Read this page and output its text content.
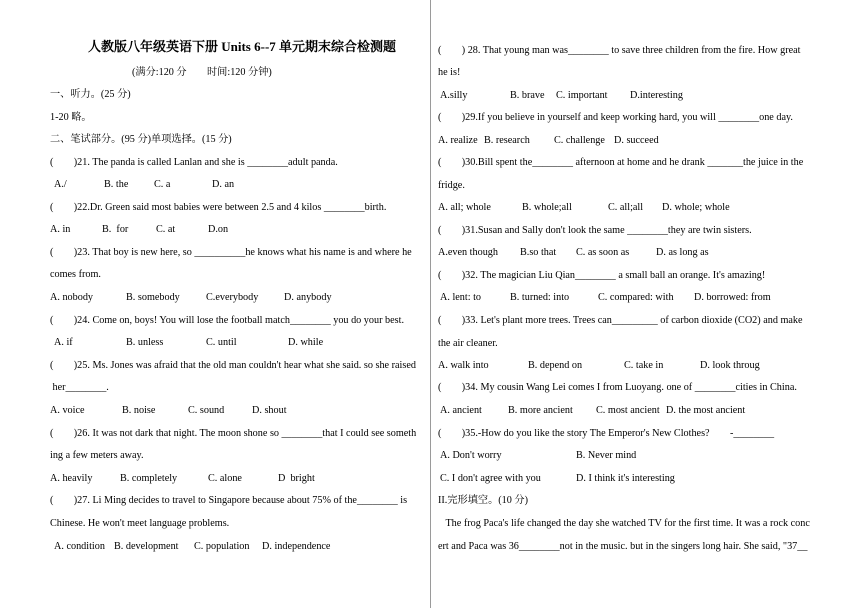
人教版八年级英语下册 Units 6--7 单元期末综合检测题
(满分:120 分        时间:120 分钟)
一、听力。(25 分)
1-20 略。
二、笔试部分。(95 分)单项选择。(15 分)
(        )21. The panda is called Lanlan and she is ________adult panda.
A./	B. the	C. a	D. an
(        )22.Dr. Green said most babies were between 2.5 and 4 kilos ________birth.
A. in	B.  for	C. at	D.on
(        )23. That boy is new here, so __________he knows what his name is and where he
comes from.
A. nobody	B. somebody	C.everybody	D. anybody
(        )24. Come on, boys! You will lose the football match________ you do your best.
A. if	B. unless	C. until	D. while
(        )25. Ms. Jones was afraid that the old man couldn't hear what she said. so she raised
her________.
A. voice	B. noise	C. sound	D. shout
(        )26. It was not dark that night. The moon shone so ________that I could see someth
ing a few meters away.
A. heavily	B. completely	C. alone	D  bright
(        )27. Li Ming decides to travel to Singapore because about 75% of the________ is
Chinese. He won't meet language problems.
A. condition B. development C. population D. independence
(        ) 28. That young man was________ to save three children from the fire. How great
he is!
A.silly	B. brave C. important D.interesting
(        )29.If you believe in yourself and keep working hard, you will ________one day.
A. realize B. research C. challenge D. succeed
(        )30.Bill spent the________ afternoon at home and he drank _______the juice in the
fridge.
A. all; whole	B. whole;all	C. all;all D. whole; whole
(        )31.Susan and Sally don't look the same ________they are twin sisters.
A.even though B.so that C. as soon as	D. as long as
(        )32. The magician Liu Qian________ a small ball an orange. It's amazing!
A. lent: to	B. turned: into	C. compared: with D. borrowed: from
(        )33. Let's plant more trees. Trees can_________ of carbon dioxide (CO2) and make
the air cleaner.
A. walk into	B. depend on	C. take in	D. look throug
(        )34. My cousin Wang Lei comes I from Luoyang. one of ________cities in China.
A. ancient	B. more ancient C. most ancient D. the most ancient
(        )35.-How do you like the story The Emperor's New Clothes?        -________
A. Don't worry	B. Never mind
C. I don't agree with you	D. I think it's interesting
II.完形填空。(10 分)
The frog Paca's life changed the day she watched TV for the first time. It was a rock conc
ert and Paca was 36________not in the music. but in the singers long hair. She said, "37__
